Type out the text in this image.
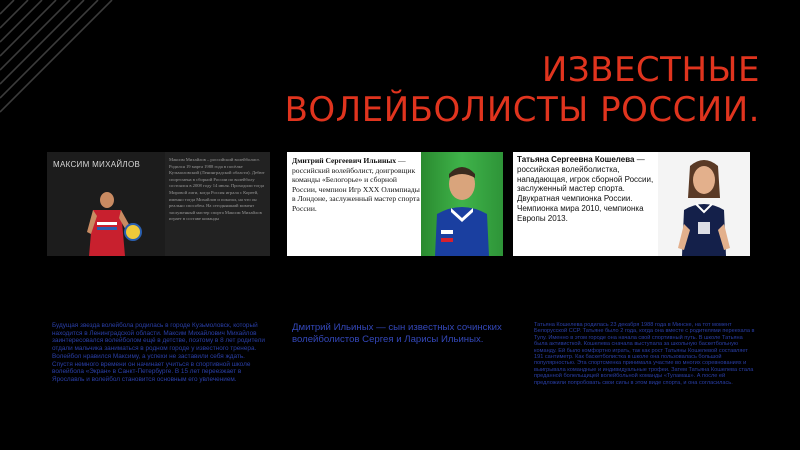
ИЗВЕСТНЫЕ ВОЛЕЙБОЛИСТЫ РОССИИ.
МАКСИМ МИХАЙЛОВ
Максим Михайлов – российский волейболист. Родился 19 марта 1988 года в посёлке Кузьмоловский (Ленинградской области). Дебют спортсмена в сборной России по волейболу состоялся в 2008 году 14 июля. Проходили тогда Мировой лиги, когда Россия играла с Кореей, именно тогда Михайлов и показал, на что он реально способен. На сегодняшний момент заслуженный мастер спорта Максим Михайлов играет в составе команды
Дмитрий Сергеевич Ильиных — российский волейболист, доигровщик команды «Белогорье» и сборной России, чемпион Игр XXX Олимпиады в Лондоне, заслуженный мастер спорта России.
Татьяна Сергеевна Кошелева — российская волейболистка, нападающая, игрок сборной России, заслуженный мастер спорта. Двукратная чемпионка России. Чемпионка мира 2010, чемпионка Европы 2013.
Будущая звезда волейбола родилась в городе Кузьмоловск, который находится в Ленинградской области. Максим Михайлович Михайлов заинтересовался волейболом ещё в детстве, поэтому в 8 лет родители отдали мальчика заниматься в родном городе у известного тренера. Волейбол нравился Максиму, а успехи не заставили себя ждать. Спустя немного времени он начинает учиться в спортивной школе волейбола «Экран» в Санкт-Петербурге. В 15 лет переезжает в Ярославль и волейбол становится основным его увлечением.
Дмитрий Ильиных — сын известных сочинских волейболистов Сергея и Ларисы Ильиных.
Татьяна Кошелева родилась 23 декабря 1988 года в Минске, на тот момент Белорусской ССР. Татьяне было 2 года, когда она вместе с родителями переехала в Тулу. Именно в этом городе она начала свой спортивный путь. В школе Татьяна была активисткой. Кошелева сначала выступала за школьную баскетбольную команду. Ей было комфортно играть, так как рост Татьяны Кошелевой составляет 191 сантиметр. Как баскетболистка в школе она пользовалась большой популярностью. Эта спортсменка принимала участие во многих соревнованиях и выигрывала командные и индивидуальные трофеи. Затем Татьяна Кошелева стала преданной болельщицей волейбольной команды «Туламаш». А после ей предложили попробовать свои силы в этом виде спорта, и она согласилась.
